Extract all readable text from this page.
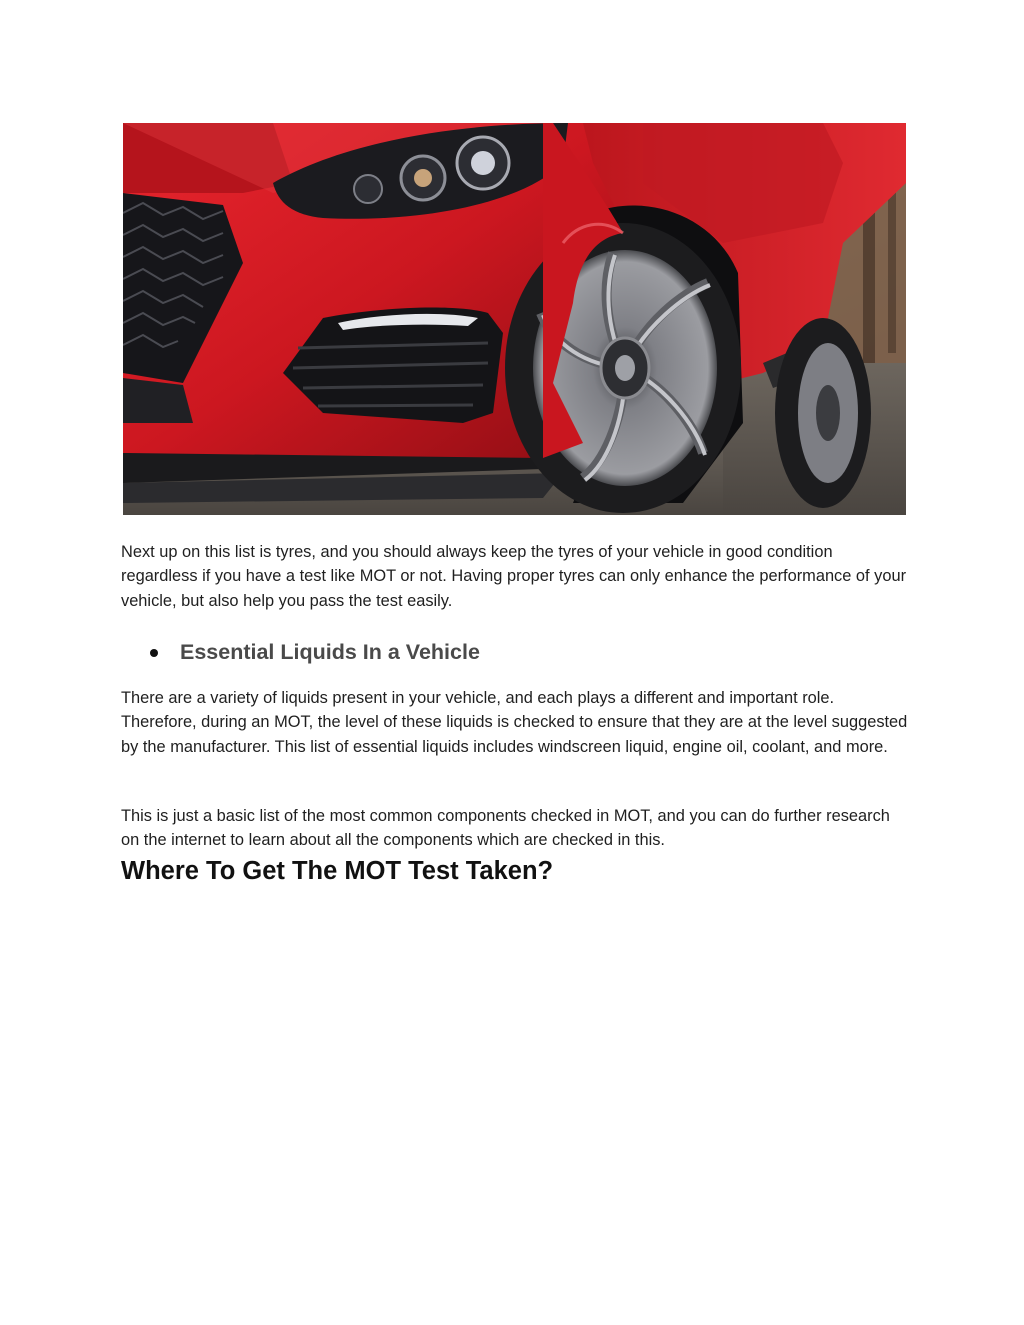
Next up on this list is tyres, and you should always keep the tyres of your vehicle in good condition regardless if you have a test like MOT or not. Having proper tyres can only enhance the performance of your vehicle, but also help you pass the test easily.

Essential Liquids In a Vehicle

There are a variety of liquids present in your vehicle, and each plays a different and important role. Therefore, during an MOT, the level of these liquids is checked to ensure that they are at the level suggested by the manufacturer. This list of essential liquids includes windscreen liquid, engine oil, coolant, and more.

This is just a basic list of the most common components checked in MOT, and you can do further research on the internet to learn about all the components which are checked in this.

Where To Get The MOT Test Taken?
